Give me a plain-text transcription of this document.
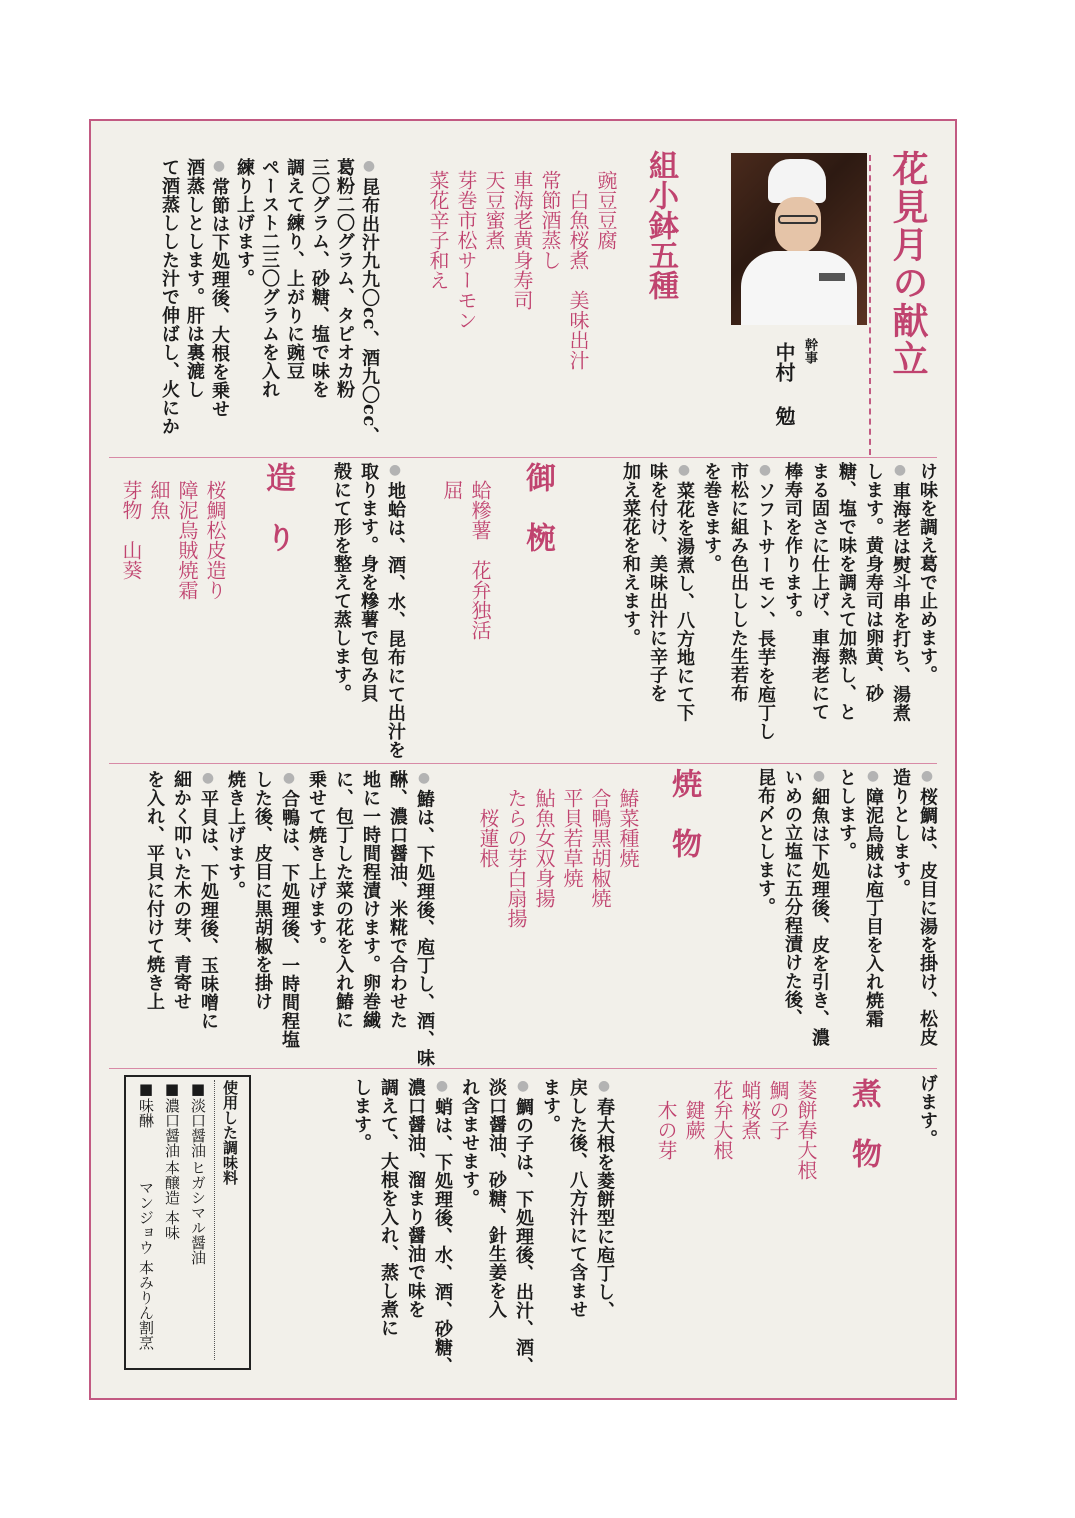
花見月の献立
幹事
中村 勉
組小鉢五種
豌豆豆腐
　白魚桜煮　美味出汁
常節酒蒸し
車海老黄身寿司
天豆蜜煮
芽巻市松サーモン
菜花辛子和え
● 昆布出汁九九〇cc、酒九〇cc、
葛粉二〇グラム、タピオカ粉
三〇グラム、砂糖、塩で味を
調えて練り、上がりに豌豆
ペースト二三〇グラムを入れ
練り上げます。
● 常節は下処理後、大根を乗せ
酒蒸しとします。肝は裏漉し
て酒蒸しした汁で伸ばし、火にか
け味を調え葛で止めます。
● 車海老は熨斗串を打ち、湯煮
します。黄身寿司は卵黄、砂
糖、塩で味を調えて加熱し、と
まる固さに仕上げ、車海老にて
棒寿司を作ります。
● ソフトサーモン、長芋を庖丁し
市松に組み色出しした生若布
を巻きます。
● 菜花を湯煮し、八方地にて下
味を付け、美味出汁に辛子を
加え菜花を和えます。
御　椀
蛤糝薯　花弁独活
屈
● 地蛤は、酒、水、昆布にて出汁を
取ります。身を糝薯で包み貝
殻にて形を整えて蒸します。
造　り
桜鯛松皮造り
障泥烏賊焼霜
細魚
芽物　山葵
● 桜鯛は、皮目に湯を掛け、松皮
造りとします。
● 障泥烏賊は庖丁目を入れ焼霜
とします。
● 細魚は下処理後、皮を引き、濃
いめの立塩に五分程漬けた後、
昆布〆とします。
焼　物
鰆菜種焼
合鴨黒胡椒焼
平貝若草焼
鮎魚女双身揚
たらの芽白扇揚
　桜蓮根
● 鰆は、下処理後、庖丁し、酒、味
醂、濃口醤油、米糀で合わせた
地に一時間程漬けます。卵巻繊
に、包丁した菜の花を入れ鰆に
乗せて焼き上げます。
● 合鴨は、下処理後、一時間程塩
した後、皮目に黒胡椒を掛け
焼き上げます。
● 平貝は、下処理後、玉味噌に
細かく叩いた木の芽、青寄せ
を入れ、平貝に付けて焼き上
げます。
煮　物
菱餅春大根
鯛の子
蛸桜煮
花弁大根
　鍵蕨
　木の芽
● 春大根を菱餅型に庖丁し、
戻した後、八方汁にて含ませ
ます。
● 鯛の子は、下処理後、出汁、酒、
淡口醤油、砂糖、針生姜を入
れ含ませます。
● 蛸は、下処理後、水、酒、砂糖、
濃口醤油、溜まり醤油で味を
調えて、大根を入れ、蒸し煮に
します。
使用した調味料
■淡口醤油
ヒガシマル醤油
■濃口醤油
本醸造 本味
■味醂
マンジョウ 本みりん割烹
